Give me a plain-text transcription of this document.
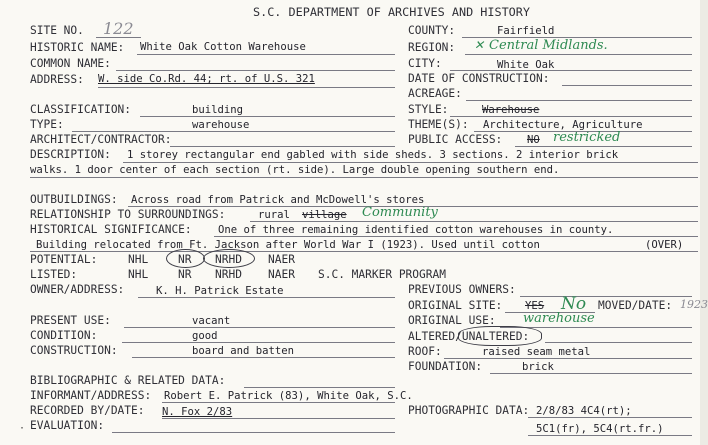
S.C. DEPARTMENT OF ARCHIVES AND HISTORY
SITE NO. 122
HISTORIC NAME: White Oak Cotton Warehouse
COMMON NAME:
ADDRESS: W. side Co.Rd. 44; rt. of U.S. 321
COUNTY:	Fairfield
REGION: ✕ Central Midlands.
CITY:	White Oak
DATE OF CONSTRUCTION:
ACREAGE:
CLASSIFICATION:	building
TYPE:	warehouse
ARCHITECT/CONTRACTOR:
STYLE:	Warehouse
THEME(S): Architecture, Agriculture
PUBLIC ACCESS: NO restricked
DESCRIPTION: 1 storey rectangular end gabled with side sheds. 3 sections. 2 interior brick
walks. 1 door center of each section (rt. side). Large double opening southern end.
OUTBUILDINGS: Across road from Patrick and McDowell's stores
RELATIONSHIP TO SURROUNDINGS:	rural village Community
HISTORICAL SIGNIFICANCE: One of three remaining identified cotton warehouses in county.
Building relocated from Ft. Jackson after World War I (1923). Used until cotton	(OVER)
POTENTIAL:	NHL	NR NRHD NAER
LISTED:	NHL	NR NRHD NAER S.C. MARKER PROGRAM
OWNER/ADDRESS:	K. H. Patrick Estate	PREVIOUS OWNERS:
ORIGINAL SITE: YES No MOVED/DATE: 1923
ORIGINAL USE: warehouse
ALTERED/UNALTERED:
ROOF:	raised seam metal
FOUNDATION:	brick
PRESENT USE:	vacant
CONDITION:	good
CONSTRUCTION:	board and batten
BIBLIOGRAPHIC & RELATED DATA:
INFORMANT/ADDRESS: Robert E. Patrick (83), White Oak, S.C.
RECORDED BY/DATE: N. Fox 2/83
EVALUATION:
·
PHOTOGRAPHIC DATA: 2/8/83 4C4(rt);
5C1(fr), 5C4(rt.fr.)
